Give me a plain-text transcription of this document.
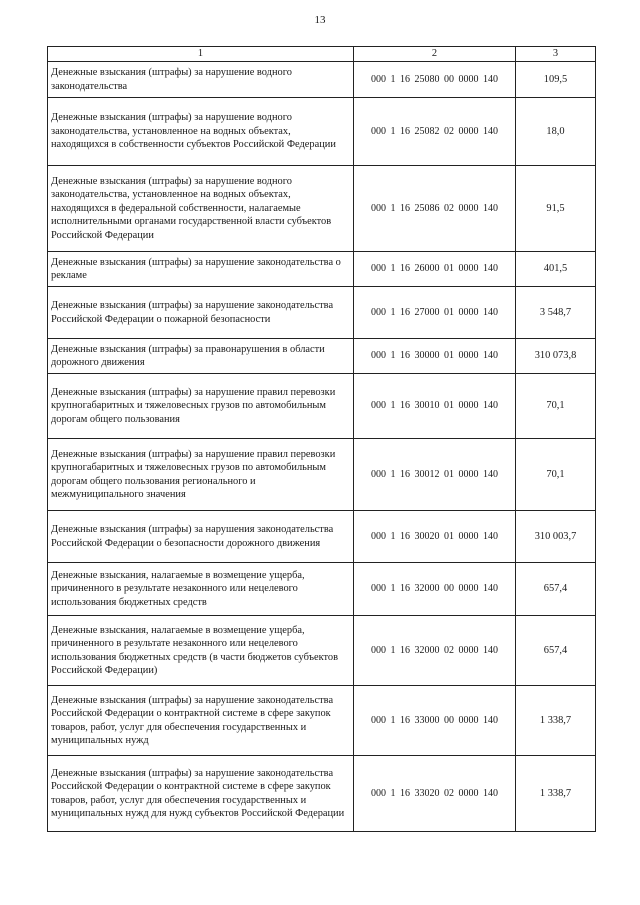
13
1	2	3
Денежные взыскания (штрафы) за нарушение водного законодательства	000 1 16 25080 00 0000 140	109,5
Денежные взыскания (штрафы) за нарушение водного законодательства, установленное на водных объектах, находящихся в собственности субъектов Российской Федерации	000 1 16 25082 02 0000 140	18,0
Денежные взыскания (штрафы) за нарушение водного законодательства, установленное на водных объектах, находящихся в федеральной собственности, налагаемые исполнительными органами государственной власти субъектов Российской Федерации	000 1 16 25086 02 0000 140	91,5
Денежные взыскания (штрафы) за нарушение законодательства о рекламе	000 1 16 26000 01 0000 140	401,5
Денежные взыскания (штрафы) за нарушение законодательства Российской Федерации о пожарной безопасности	000 1 16 27000 01 0000 140	3 548,7
Денежные взыскания (штрафы) за правонарушения в области дорожного движения	000 1 16 30000 01 0000 140	310 073,8
Денежные взыскания (штрафы) за нарушение правил перевозки крупногабаритных и тяжеловесных грузов по автомобильным дорогам общего пользования	000 1 16 30010 01 0000 140	70,1
Денежные взыскания (штрафы) за нарушение правил перевозки крупногабаритных и тяжеловесных грузов по автомобильным дорогам общего пользования регионального и межмуниципального значения	000 1 16 30012 01 0000 140	70,1
Денежные взыскания (штрафы) за нарушения законодательства Российской Федерации о безопасности дорожного движения	000 1 16 30020 01 0000 140	310 003,7
Денежные взыскания, налагаемые в возмещение ущерба, причиненного в результате незаконного или нецелевого использования бюджетных средств	000 1 16 32000 00 0000 140	657,4
Денежные взыскания, налагаемые в возмещение ущерба, причиненного в результате незаконного или нецелевого использования бюджетных средств (в части бюджетов субъектов Российской Федерации)	000 1 16 32000 02 0000 140	657,4
Денежные взыскания (штрафы) за нарушение законодательства Российской Федерации о контрактной системе в сфере закупок товаров, работ, услуг для обеспечения государственных и муниципальных нужд	000 1 16 33000 00 0000 140	1 338,7
Денежные взыскания (штрафы) за нарушение законодательства Российской Федерации о контрактной системе в сфере закупок товаров, работ, услуг для обеспечения государственных и муниципальных нужд для нужд субъектов Российской Федерации	000 1 16 33020 02 0000 140	1 338,7
